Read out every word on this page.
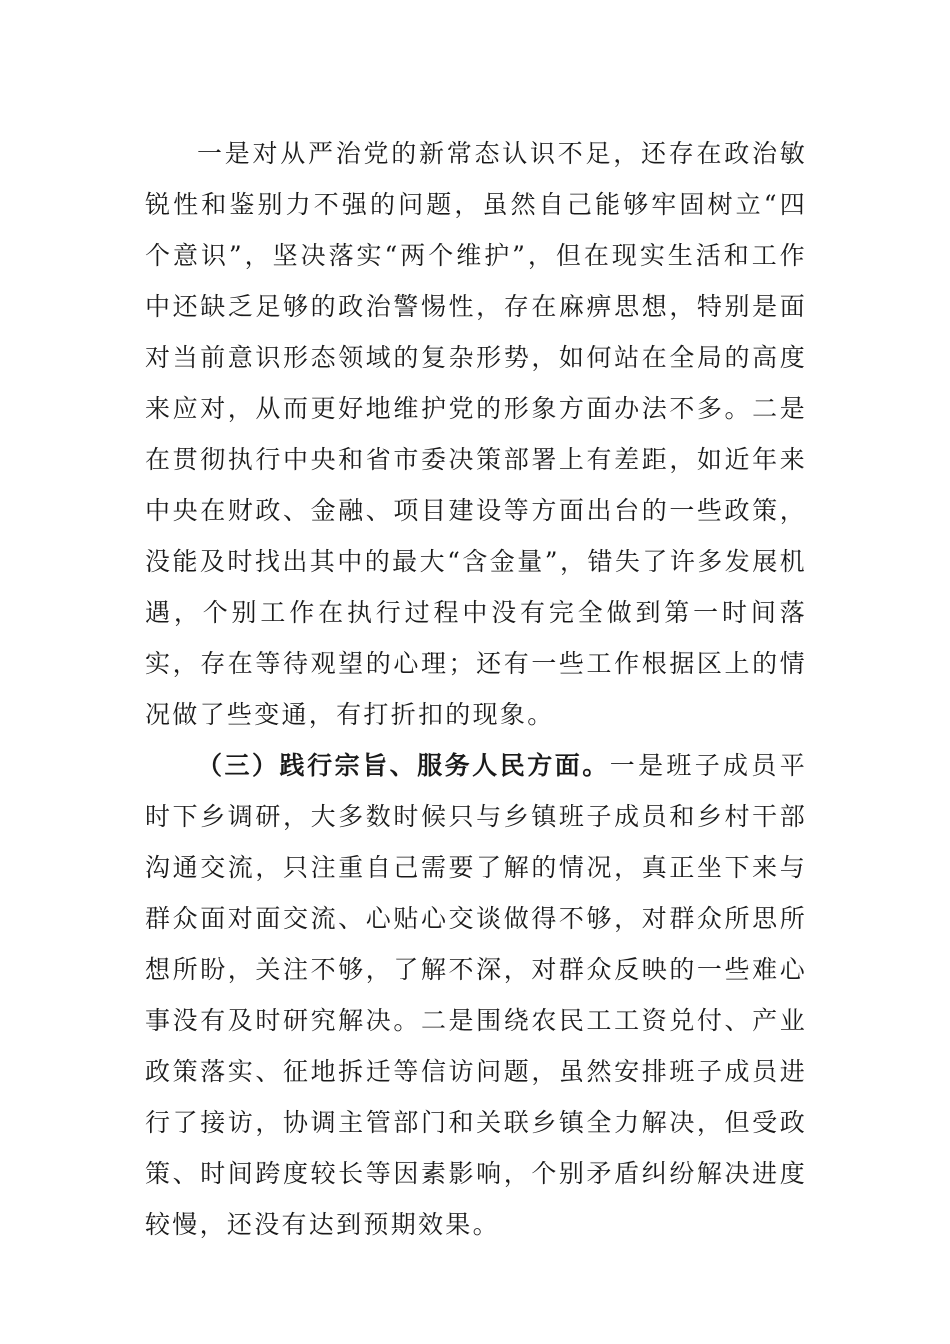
一是对从严治党的新常态认识不足，还存在政治敏锐性和鉴别力不强的问题，虽然自己能够牢固树立“四个意识”，坚决落实“两个维护”，但在现实生活和工作中还缺乏足够的政治警惕性，存在麻痹思想，特别是面对当前意识形态领域的复杂形势，如何站在全局的高度来应对，从而更好地维护党的形象方面办法不多。二是在贯彻执行中央和省市委决策部署上有差距，如近年来中央在财政、金融、项目建设等方面出台的一些政策，没能及时找出其中的最大“含金量”，错失了许多发展机遇，个别工作在执行过程中没有完全做到第一时间落实，存在等待观望的心理；还有一些工作根据区上的情况做了些变通，有打折扣的现象。

（三）践行宗旨、服务人民方面。一是班子成员平时下乡调研，大多数时候只与乡镇班子成员和乡村干部沟通交流，只注重自己需要了解的情况，真正坐下来与群众面对面交流、心贴心交谈做得不够，对群众所思所想所盼，关注不够，了解不深，对群众反映的一些难心事没有及时研究解决。二是围绕农民工工资兑付、产业政策落实、征地拆迁等信访问题，虽然安排班子成员进行了接访，协调主管部门和关联乡镇全力解决，但受政策、时间跨度较长等因素影响，个别矛盾纠纷解决进度较慢，还没有达到预期效果。
